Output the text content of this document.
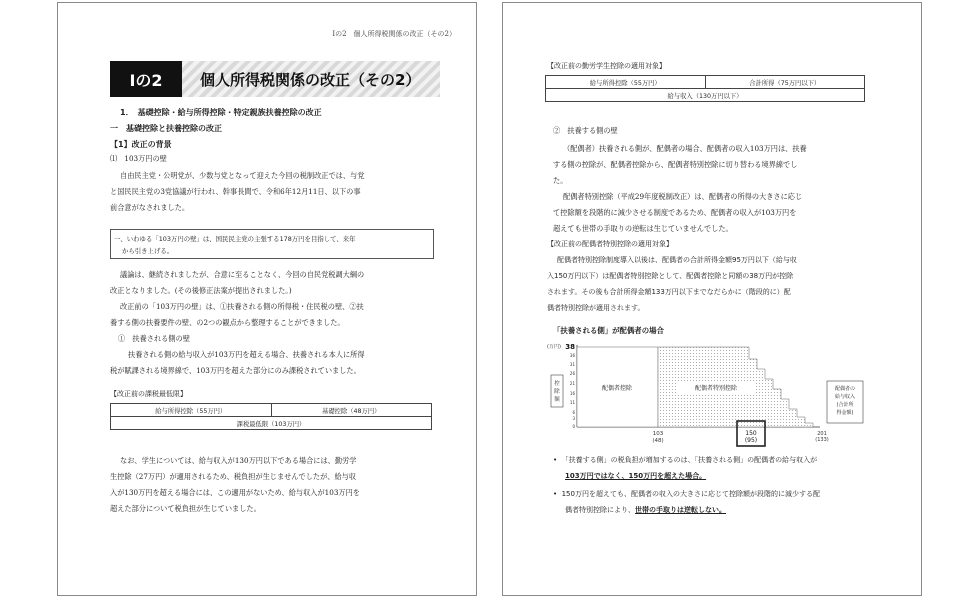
Ⅰの2　個人所得税関係の改正（その2）
Ⅰの2	個人所得税関係の改正（その2）
1．　基礎控除・給与所得控除・特定親族扶養控除の改正
一　基礎控除と扶養控除の改正
【1】改正の背景
⑴　103万円の壁
自由民主党・公明党が、少数与党となって迎えた今回の税制改正では、与党
と国民民主党の3党協議が行われ、幹事長間で、令和6年12月11日、以下の事
前合意がなされました。
一、いわゆる「103万円の壁」は、国民民主党の主張する178万円を目指して、来年
から引き上げる。
議論は、継続されましたが、合意に至ることなく、今回の自民党税調大綱の
改正となりました。(その後修正法案が提出されました。)
改正前の「103万円の壁」は、①扶養される側の所得税・住民税の壁、②扶
養する側の扶養要件の壁、の2つの観点から整理することができました。
①　扶養される側の壁
扶養される側の給与収入が103万円を超える場合、扶養される本人に所得
税が賦課される境界線で、103万円を超えた部分にのみ課税されていました。
【改正前の課税最低限】
給与所得控除（55万円）	基礎控除（48万円）
課税最低限（103万円）
なお、学生については、給与収入が130万円以下である場合には、勤労学
生控除（27万円）が適用されるため、税負担が生じませんでしたが、給与収
入が130万円を超える場合には、この適用がないため、給与収入が103万円を
超えた部分について税負担が生じていました。
【改正前の勤労学生控除の適用対象】
給与所得控除（55万円）	合計所得（75万円以下）
給与収入（130万円以下）
②　扶養する側の壁
（配偶者）扶養される側が、配偶者の場合、配偶者の収入103万円は、扶養
する側の控除が、配偶者控除から、配偶者特別控除に切り替わる境界線でし
た。
配偶者特別控除（平成29年度税制改正）は、配偶者の所得の大きさに応じ
て控除額を段階的に減少させる制度であるため、配偶者の収入が103万円を
超えても世帯の手取りの逆転は生じていませんでした。
【改正前の配偶者特別控除の適用対象】
配偶者特別控除制度導入以後は、配偶者の合計所得金額95万円以下（給与収
入150万円以下）は配偶者特別控除として、配偶者控除と同額の38万円が控除
されます。その後も合計所得金額133万円以下までなだらかに（階段的に）配
偶者特別控除が適用されます。
「扶養される側」が配偶者の場合
(万円) 38
36
31
26
21
16
11
6
3
0
控
除
額
配偶者控除	配偶者特別控除	配偶者の
給与収入
(合計所
得金額)
103
(48)
150
(95)
201
(133)
•  「扶養する側」の税負担が増加するのは、「扶養される側」の配偶者の給与収入が
103万円ではなく、150万円を超えた場合。
•  150万円を超えても、配偶者の収入の大きさに応じて控除額が段階的に減少する配
偶者特別控除により、世帯の手取りは逆転しない。
